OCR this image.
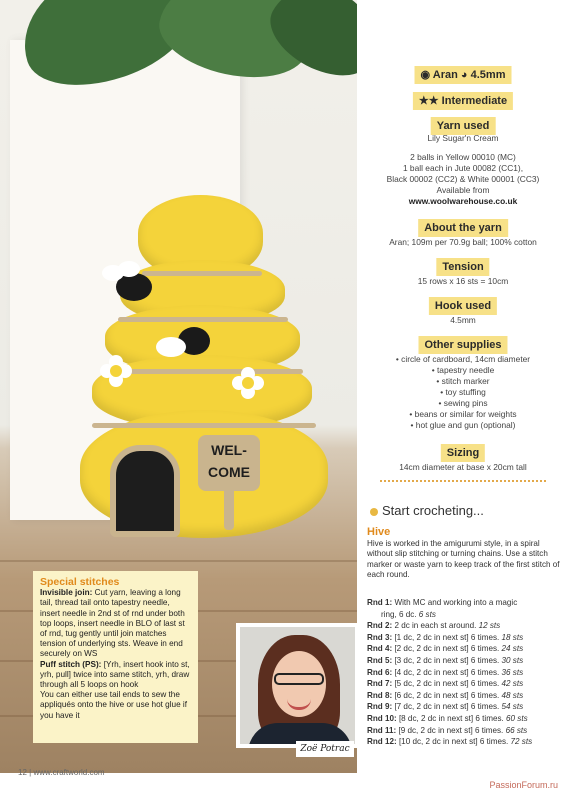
WEL-
COME
Special stitches
Invisible join: Cut yarn, leaving a long tail, thread tail onto tapestry needle, insert needle in 2nd st of rnd under both top loops, insert needle in BLO of last st of rnd, tug gently until join matches tension of underlying sts. Weave in end securely on WS
Puff stitch (PS): [Yrh, insert hook into st, yrh, pull] twice into same stitch, yrh, draw through all 5 loops on hook
You can either use tail ends to sew the appliqués onto the hive or use hot glue if you have it
Zoë Potrac
12 | www.craftworld.com
◉ Aran ◕ 4.5mm
★★ Intermediate
Yarn used
Lily Sugar'n Cream
2 balls in Yellow 00010 (MC)
1 ball each in Jute 00082 (CC1),
Black 00002 (CC2) & White 00001 (CC3)
Available from
www.woolwarehouse.co.uk
About the yarn
Aran; 109m per 70.9g ball; 100% cotton
Tension
15 rows x 16 sts = 10cm
Hook used
4.5mm
Other supplies
• circle of cardboard, 14cm diameter
• tapestry needle
• stitch marker
• toy stuffing
• sewing pins
• beans or similar for weights
• hot glue and gun (optional)
Sizing
14cm diameter at base x 20cm tall
Start crocheting...
Hive
Hive is worked in the amigurumi style, in a spiral without slip stitching or turning chains. Use a stitch marker or waste yarn to keep track of the first stitch of each round.
Rnd 1: With MC and working into a magic
ring, 6 dc. 6 sts
Rnd 2: 2 dc in each st around. 12 sts
Rnd 3: [1 dc, 2 dc in next st] 6 times. 18 sts
Rnd 4: [2 dc, 2 dc in next st] 6 times. 24 sts
Rnd 5: [3 dc, 2 dc in next st] 6 times. 30 sts
Rnd 6: [4 dc, 2 dc in next st] 6 times. 36 sts
Rnd 7: [5 dc, 2 dc in next st] 6 times. 42 sts
Rnd 8: [6 dc, 2 dc in next st] 6 times. 48 sts
Rnd 9: [7 dc, 2 dc in next st] 6 times. 54 sts
Rnd 10: [8 dc, 2 dc in next st] 6 times. 60 sts
Rnd 11: [9 dc, 2 dc in next st] 6 times. 66 sts
Rnd 12: [10 dc, 2 dc in next st] 6 times. 72 sts
PassionForum.ru
